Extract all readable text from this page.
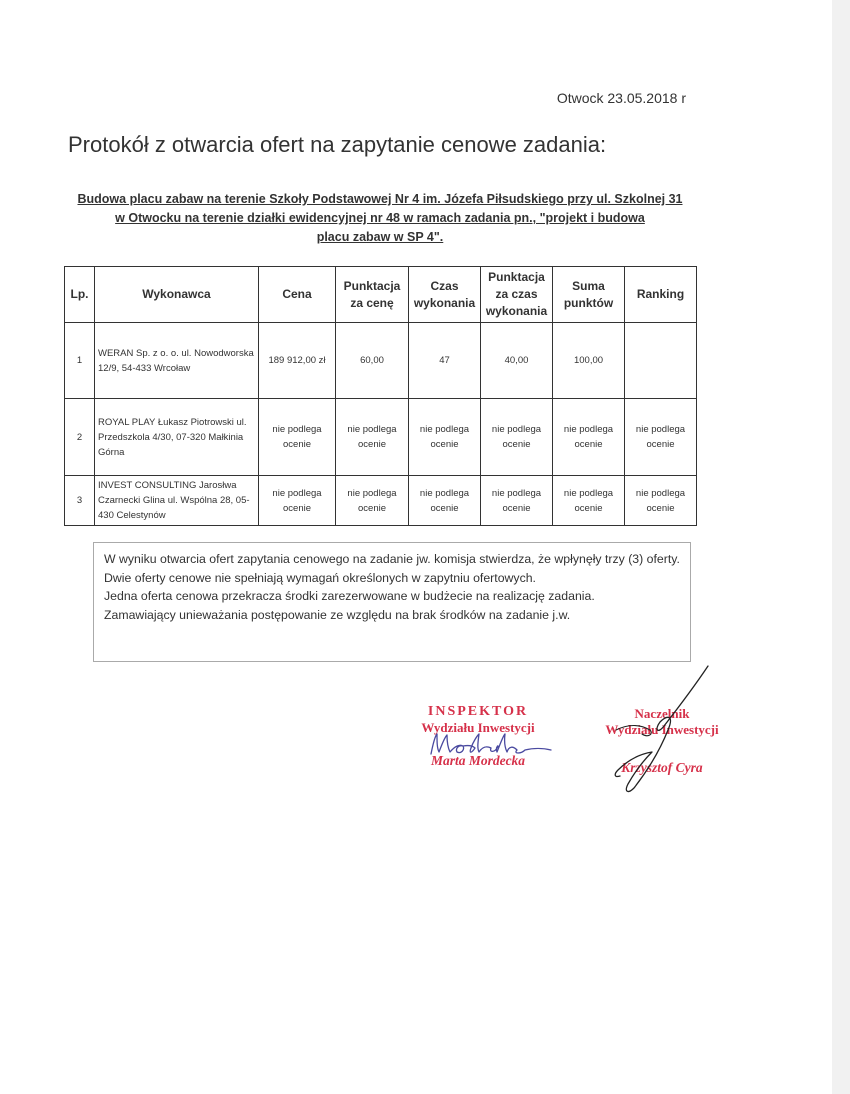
Otwock 23.05.2018 r
Protokół z otwarcia ofert na zapytanie cenowe zadania:
Budowa placu zabaw na terenie Szkoły Podstawowej Nr 4 im. Józefa Piłsudskiego przy ul. Szkolnej 31
w Otwocku na terenie działki ewidencyjnej nr 48 w ramach zadania pn., "projekt i budowa
placu zabaw w SP 4".
Lp.	Wykonawca	Cena	Punktacja za cenę	Czas wykonania	Punktacja za czas wykonania	Suma punktów	Ranking
1	WERAN Sp. z o. o. ul. Nowodworska 12/9, 54-433 Wrcoław	189 912,00 zł	60,00	47	40,00	100,00	
2	ROYAL PLAY Łukasz Piotrowski ul. Przedszkola 4/30, 07-320 Małkinia Górna	nie podlega ocenie	nie podlega ocenie	nie podlega ocenie	nie podlega ocenie	nie podlega ocenie	nie podlega ocenie
3	INVEST CONSULTING Jarosłwa Czarnecki Glina ul. Wspólna 28, 05-430 Celestynów	nie podlega ocenie	nie podlega ocenie	nie podlega ocenie	nie podlega ocenie	nie podlega ocenie	nie podlega ocenie

W wyniku otwarcia ofert zapytania cenowego na zadanie jw. komisja stwierdza, że wpłynęły trzy (3) oferty.

Dwie oferty cenowe nie spełniają wymagań określonych w zapytniu ofertowych.

Jedna oferta cenowa przekracza środki zarezerwowane w budżecie na realizację zadania.

Zamawiający unieważania postępowanie ze względu na brak środków na zadanie j.w.

INSPEKTOR
Wydziału Inwestycji
Marta Mordecka
Naczelnik
Wydziału Inwestycji
Krzysztof Cyra
